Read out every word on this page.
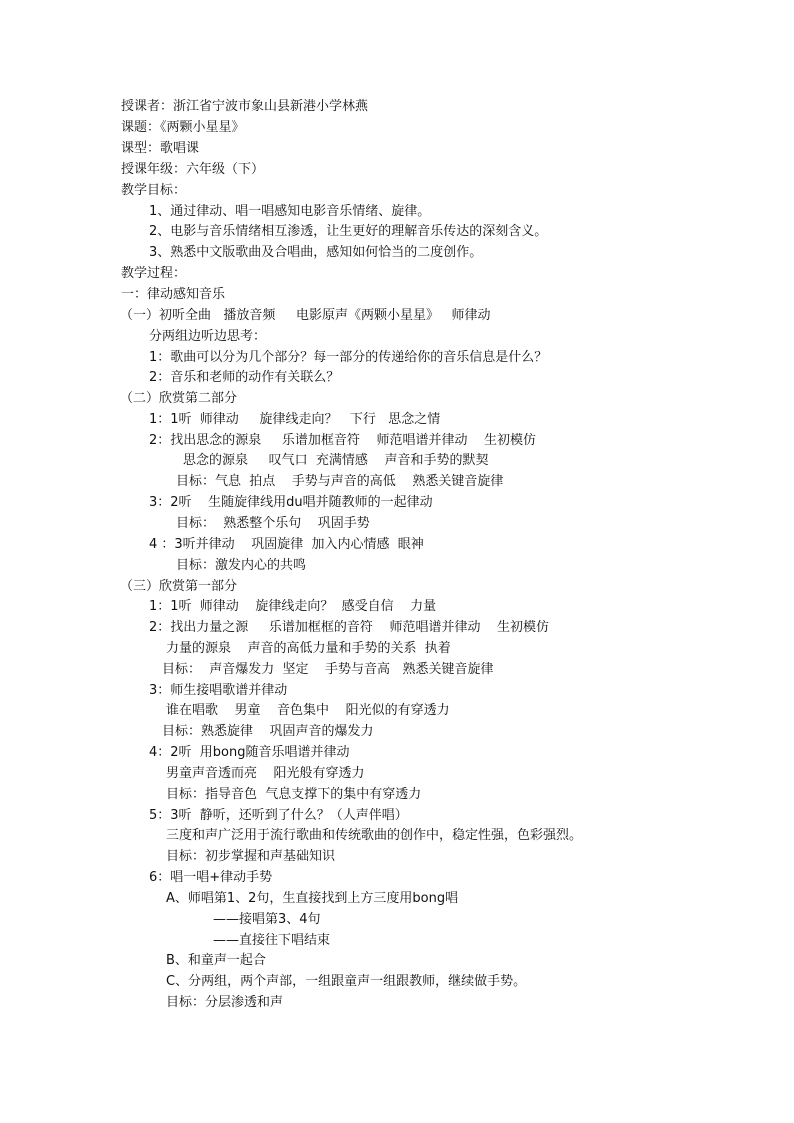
授课者：浙江省宁波市象山县新港小学林燕
课题：《两颗小星星》
课型：歌唱课
授课年级：六年级（下）
教学目标：
1、通过律动、唱一唱感知电影音乐情绪、旋律。
2、电影与音乐情绪相互渗透，让生更好的理解音乐传达的深刻含义。
3、熟悉中文版歌曲及合唱曲，感知如何恰当的二度创作。
教学过程：
一：律动感知音乐
（一）初听全曲   播放音频     电影原声《两颗小星星》   师律动
分两组边听边思考：
1：歌曲可以分为几个部分？每一部分的传递给你的音乐信息是什么？
2：音乐和老师的动作有关联么？
（二）欣赏第二部分
1：1听  师律动     旋律线走向？   下行   思念之情
2：找出思念的源泉     乐谱加框音符    师范唱谱并律动    生初模仿
思念的源泉     叹气口  充满情感    声音和手势的默契
目标：气息  拍点    手势与声音的高低    熟悉关键音旋律
3：2听    生随旋律线用du唱并随教师的一起律动
目标：  熟悉整个乐句    巩固手势
4 ：3听并律动    巩固旋律  加入内心情感  眼神
目标：激发内心的共鸣
（三）欣赏第一部分
1：1听  师律动    旋律线走向？  感受自信    力量
2：找出力量之源     乐谱加框框的音符    师范唱谱并律动    生初模仿
力量的源泉    声音的高低力量和手势的关系  执着
目标：  声音爆发力  坚定    手势与音高   熟悉关键音旋律
3：师生接唱歌谱并律动
谁在唱歌    男童    音色集中    阳光似的有穿透力
目标：熟悉旋律    巩固声音的爆发力
4：2听  用bong随音乐唱谱并律动
男童声音透而亮    阳光般有穿透力
目标：指导音色  气息支撑下的集中有穿透力
5：3听  静听，还听到了什么？（人声伴唱）
三度和声广泛用于流行歌曲和传统歌曲的创作中，稳定性强，色彩强烈。
目标：初步掌握和声基础知识
6：唱一唱+律动手势
A、师唱第1、2句，生直接找到上方三度用bong唱
——接唱第3、4句
——直接往下唱结束
B、和童声一起合
C、分两组，两个声部，一组跟童声一组跟教师，继续做手势。
目标：分层渗透和声
